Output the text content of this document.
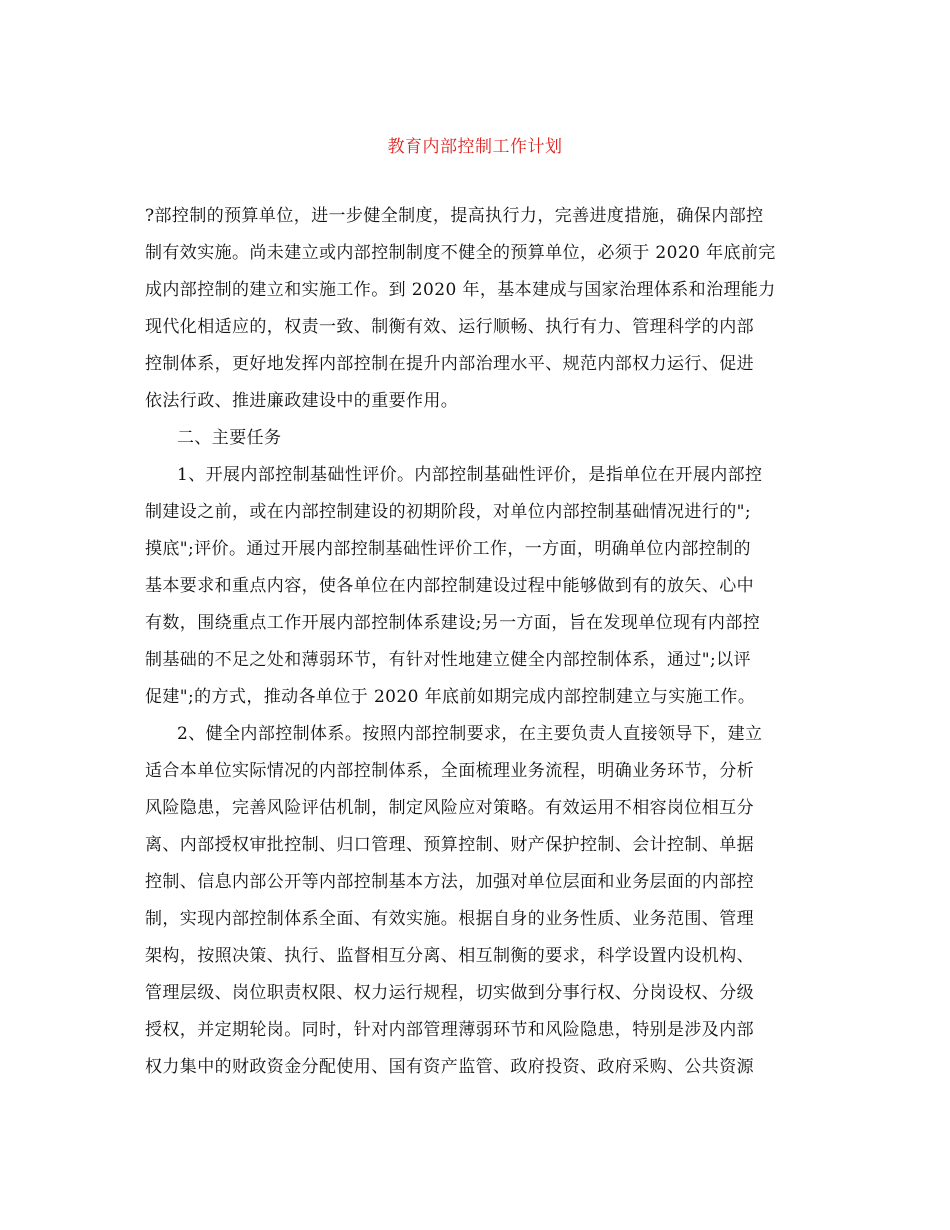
教育内部控制工作计划
?部控制的预算单位，进一步健全制度，提高执行力，完善进度措施，确保内部控
制有效实施。尚未建立或内部控制制度不健全的预算单位，必须于 2020 年底前完
成内部控制的建立和实施工作。到 2020 年，基本建成与国家治理体系和治理能力
现代化相适应的，权责一致、制衡有效、运行顺畅、执行有力、管理科学的内部
控制体系，更好地发挥内部控制在提升内部治理水平、规范内部权力运行、促进
依法行政、推进廉政建设中的重要作用。
二、主要任务
1、开展内部控制基础性评价。内部控制基础性评价，是指单位在开展内部控
制建设之前，或在内部控制建设的初期阶段，对单位内部控制基础情况进行的";
摸底";评价。通过开展内部控制基础性评价工作，一方面，明确单位内部控制的
基本要求和重点内容，使各单位在内部控制建设过程中能够做到有的放矢、心中
有数，围绕重点工作开展内部控制体系建设;另一方面，旨在发现单位现有内部控
制基础的不足之处和薄弱环节，有针对性地建立健全内部控制体系，通过";以评
促建";的方式，推动各单位于 2020 年底前如期完成内部控制建立与实施工作。
2、健全内部控制体系。按照内部控制要求，在主要负责人直接领导下，建立
适合本单位实际情况的内部控制体系，全面梳理业务流程，明确业务环节，分析
风险隐患，完善风险评估机制，制定风险应对策略。有效运用不相容岗位相互分
离、内部授权审批控制、归口管理、预算控制、财产保护控制、会计控制、单据
控制、信息内部公开等内部控制基本方法，加强对单位层面和业务层面的内部控
制，实现内部控制体系全面、有效实施。根据自身的业务性质、业务范围、管理
架构，按照决策、执行、监督相互分离、相互制衡的要求，科学设置内设机构、
管理层级、岗位职责权限、权力运行规程，切实做到分事行权、分岗设权、分级
授权，并定期轮岗。同时，针对内部管理薄弱环节和风险隐患，特别是涉及内部
权力集中的财政资金分配使用、国有资产监管、政府投资、政府采购、公共资源
